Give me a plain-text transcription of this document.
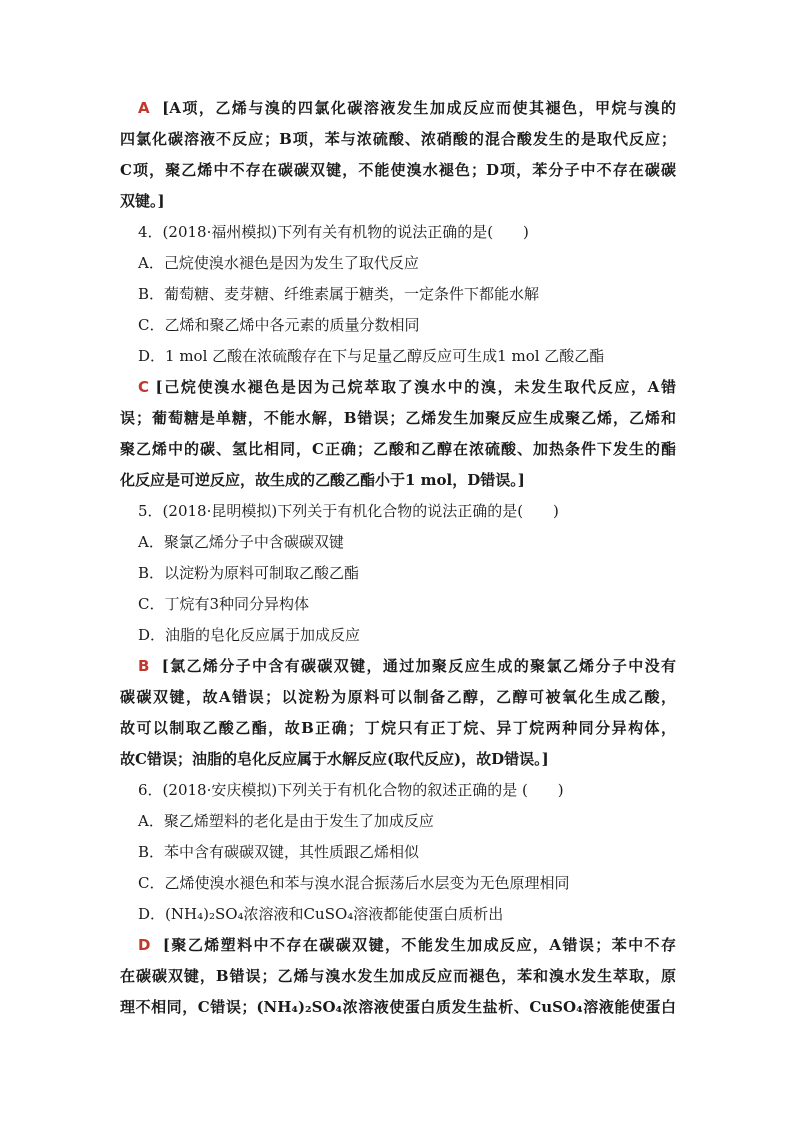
A [A项，乙烯与溴的四氯化碳溶液发生加成反应而使其褪色，甲烷与溴的
四氯化碳溶液不反应；B项，苯与浓硫酸、浓硝酸的混合酸发生的是取代反应；
C项，聚乙烯中不存在碳碳双键，不能使溴水褪色；D项，苯分子中不存在碳碳
双键。]
4．(2018·福州模拟)下列有关有机物的说法正确的是(　　)
A．己烷使溴水褪色是因为发生了取代反应
B．葡萄糖、麦芽糖、纤维素属于糖类，一定条件下都能水解
C．乙烯和聚乙烯中各元素的质量分数相同
D．1 mol 乙酸在浓硫酸存在下与足量乙醇反应可生成1 mol 乙酸乙酯
C [己烷使溴水褪色是因为己烷萃取了溴水中的溴，未发生取代反应，A错
误；葡萄糖是单糖，不能水解，B错误；乙烯发生加聚反应生成聚乙烯，乙烯和
聚乙烯中的碳、氢比相同，C正确；乙酸和乙醇在浓硫酸、加热条件下发生的酯
化反应是可逆反应，故生成的乙酸乙酯小于1 mol，D错误。]
5．(2018·昆明模拟)下列关于有机化合物的说法正确的是(　　)
A．聚氯乙烯分子中含碳碳双键
B．以淀粉为原料可制取乙酸乙酯
C．丁烷有3种同分异构体
D．油脂的皂化反应属于加成反应
B [氯乙烯分子中含有碳碳双键，通过加聚反应生成的聚氯乙烯分子中没有
碳碳双键，故A错误；以淀粉为原料可以制备乙醇，乙醇可被氧化生成乙酸，
故可以制取乙酸乙酯，故B正确；丁烷只有正丁烷、异丁烷两种同分异构体，
故C错误；油脂的皂化反应属于水解反应(取代反应)，故D错误。]
6．(2018·安庆模拟)下列关于有机化合物的叙述正确的是 (　　)
A．聚乙烯塑料的老化是由于发生了加成反应
B．苯中含有碳碳双键，其性质跟乙烯相似
C．乙烯使溴水褪色和苯与溴水混合振荡后水层变为无色原理相同
D．(NH₄)₂SO₄浓溶液和CuSO₄溶液都能使蛋白质析出
D [聚乙烯塑料中不存在碳碳双键，不能发生加成反应，A错误；苯中不存
在碳碳双键，B错误；乙烯与溴水发生加成反应而褪色，苯和溴水发生萃取，原
理不相同，C错误；(NH₄)₂SO₄浓溶液使蛋白质发生盐析、CuSO₄溶液能使蛋白
